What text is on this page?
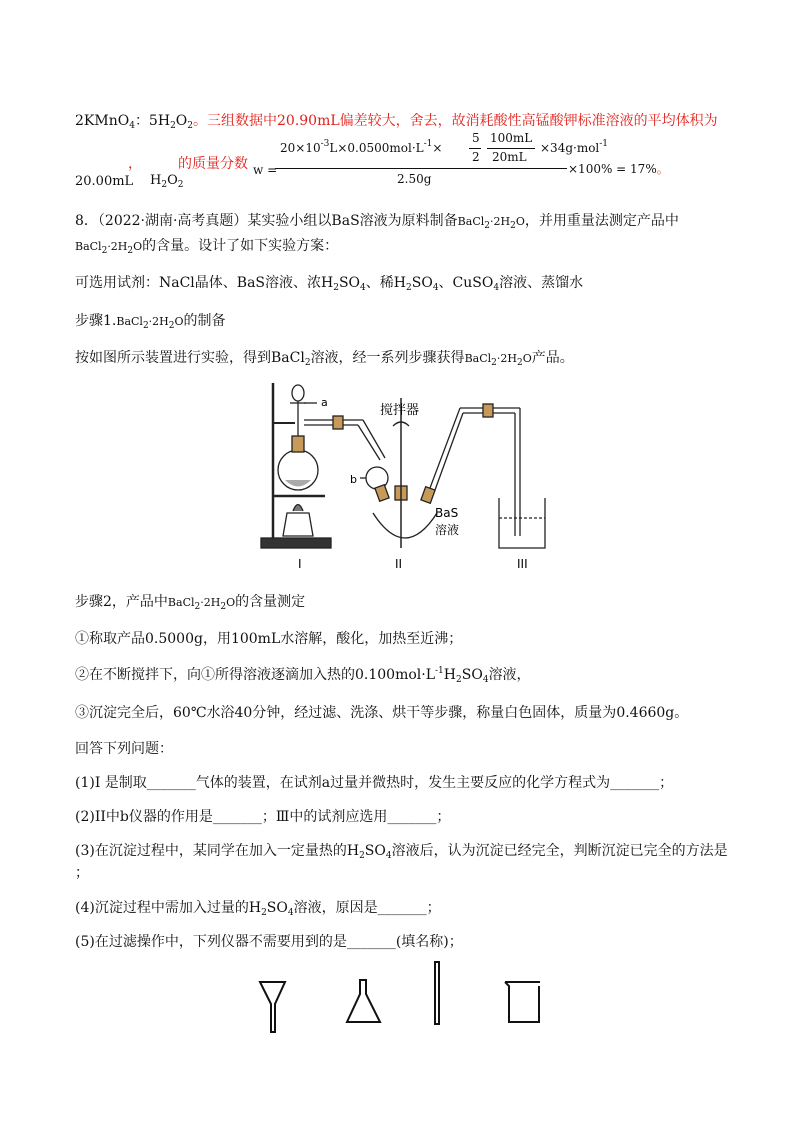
2KMnO$_4$：$5H_2O_2$。三组数据中20.90mL偏差较大，舍去，故消耗酸性高锰酸钾标准溶液的平均体积为
，	的质量分数 w =
$20\times 10^{-3}L\times 0.0500mol\cdot L^{-1}\times$
5
2
100mL
20mL
×34g·mol$^{-1}$
2.50g
×100% = 17%。
20.00mL $H_2O_2$
8．（2022·湖南·高考真题）某实验小组以BaS溶液为原料制备$BaCl_2\cdot 2H_2O$，并用重量法测定产品中
$BaCl_2\cdot 2H_2O$的含量。设计了如下实验方案：
可选用试剂：NaCl晶体、BaS溶液、浓$H_2SO_4$、稀$H_2SO_4$、CuSO$_4$溶液、蒸馏水
步骤$1.BaCl_2\cdot 2H_2O$的制备
按如图所示装置进行实验，得到BaCl$_2$溶液，经一系列步骤获得$BaCl_2\cdot 2H_2O$产品。
a
b
搅拌器
BaS
溶液
I	II	III
步骤2，产品中$BaCl_2\cdot 2H_2O$的含量测定
①称取产品0.5000g，用100mL水溶解，酸化，加热至近沸；
②在不断搅拌下，向①所得溶液逐滴加入热的$0.100mol\cdot L^{-1}H_2SO_4$溶液，
③沉淀完全后，60℃水浴40分钟，经过滤、洗涤、烘干等步骤，称量白色固体，质量为0.4660g。
回答下列问题：
(1)Ⅰ 是制取_______气体的装置，在试剂a过量并微热时，发生主要反应的化学方程式为_______；
(2)ⅠⅠ中b仪器的作用是_______；Ⅲ中的试剂应选用_______；
(3)在沉淀过程中，某同学在加入一定量热的$H_2SO_4$溶液后，认为沉淀已经完全，判断沉淀已完全的方法是
；
(4)沉淀过程中需加入过量的$H_2SO_4$溶液，原因是_______；
(5)在过滤操作中，下列仪器不需要用到的是_______(填名称)；
